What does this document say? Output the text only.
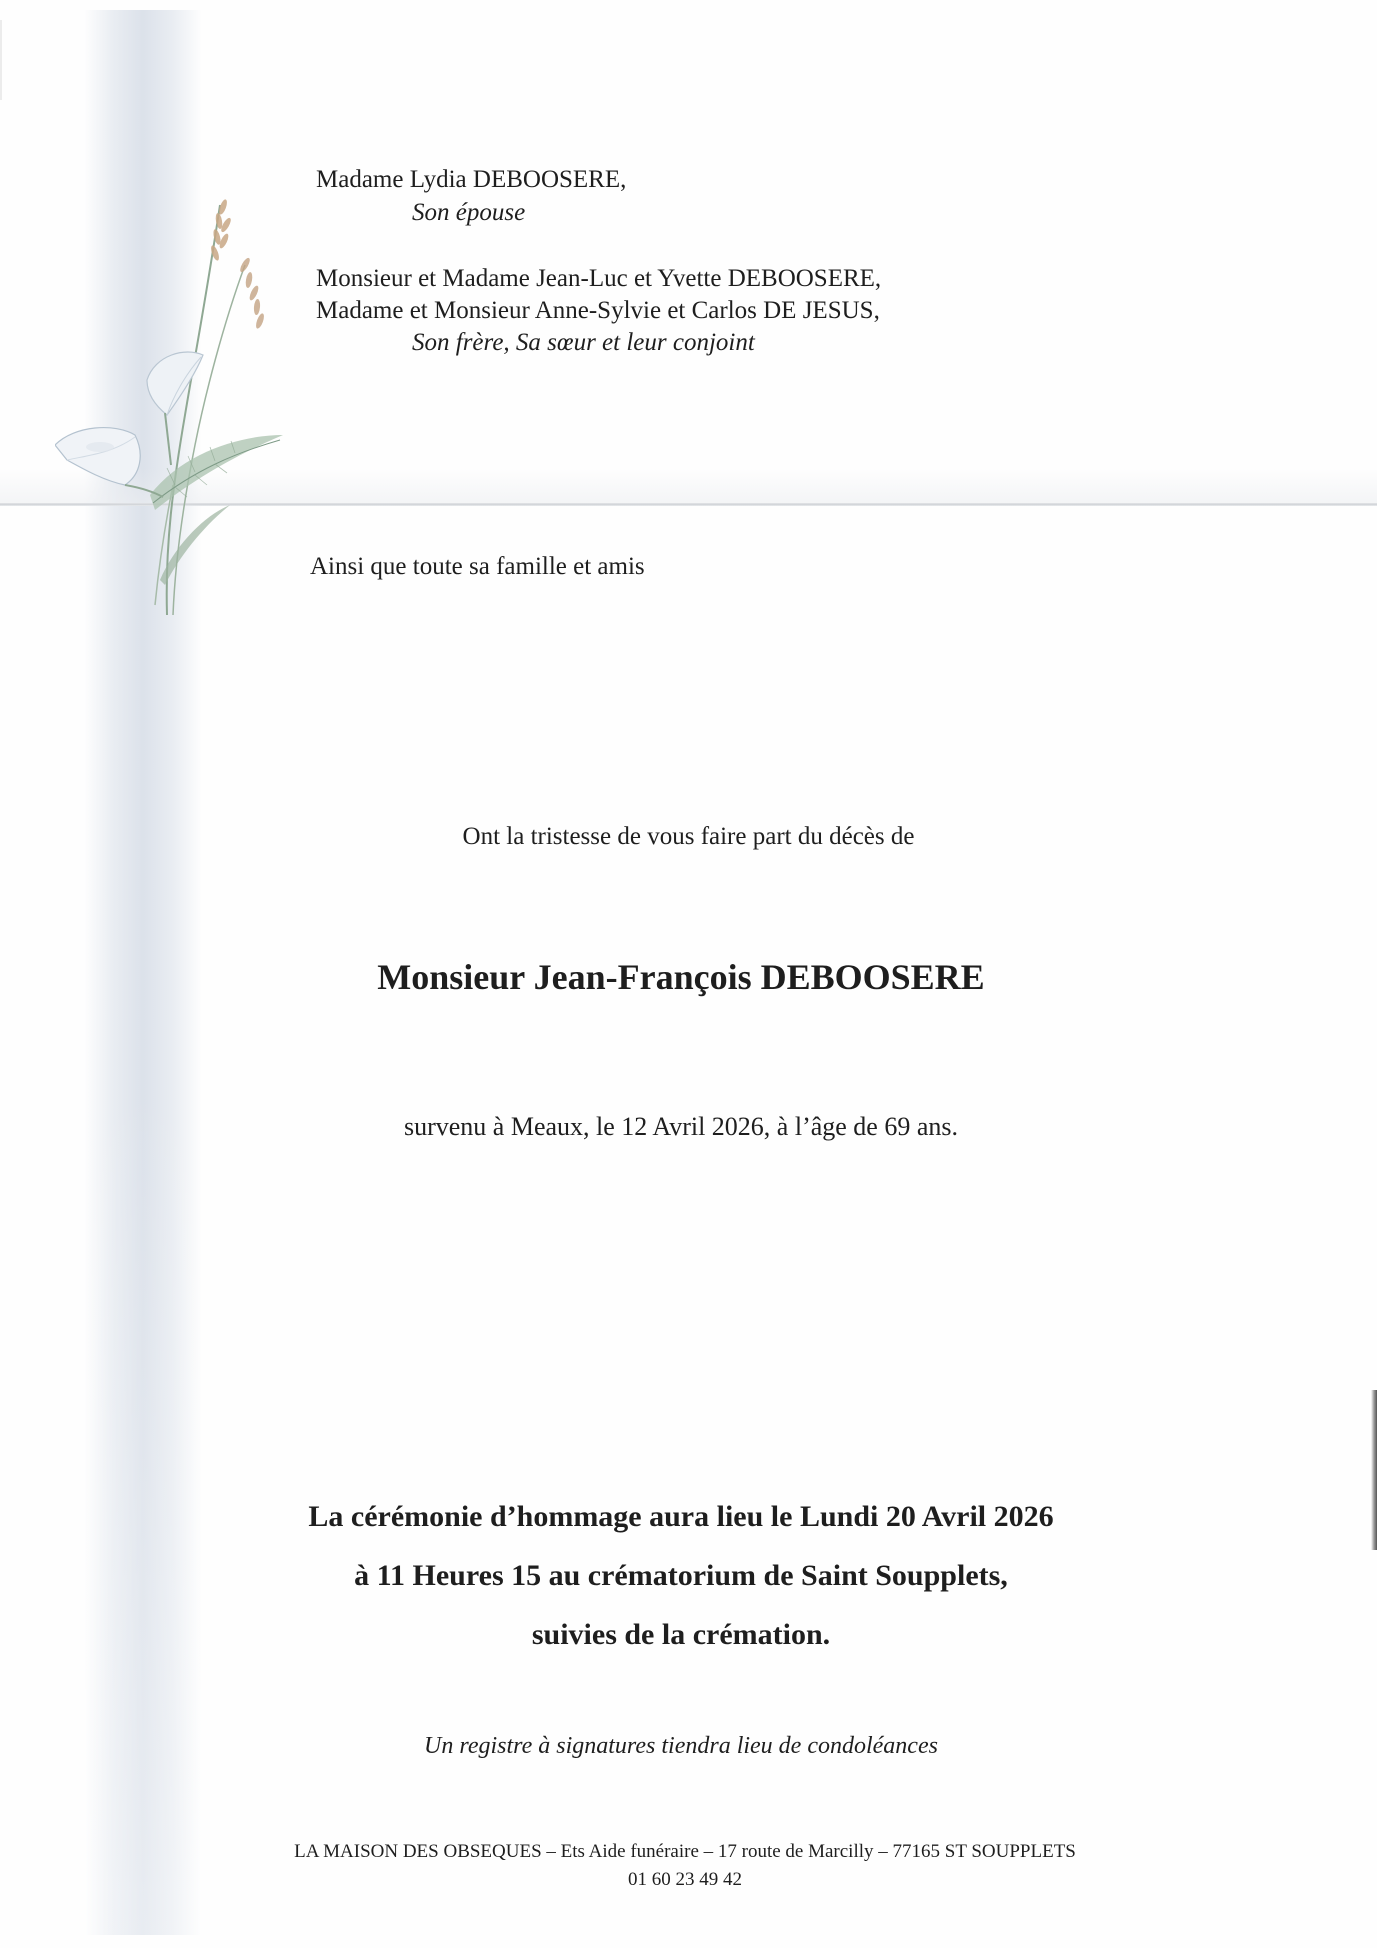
Madame Lydia DEBOOSERE,
Son épouse
Monsieur et Madame Jean-Luc et Yvette DEBOOSERE,
Madame et Monsieur Anne-Sylvie et Carlos DE JESUS,
Son frère, Sa sœur et leur conjoint
Ainsi que toute sa famille et amis
Ont la tristesse de vous faire part du décès de
Monsieur Jean-François DEBOOSERE
survenu à Meaux, le 12 Avril 2026, à l’âge de 69 ans.
La cérémonie d’hommage aura lieu le Lundi 20 Avril 2026
à 11 Heures 15 au crématorium de Saint Soupplets,
suivies de la crémation.
Un registre à signatures tiendra lieu de condoléances
LA MAISON DES OBSEQUES – Ets Aide funéraire – 17 route de Marcilly – 77165 ST SOUPPLETS
01 60 23 49 42
